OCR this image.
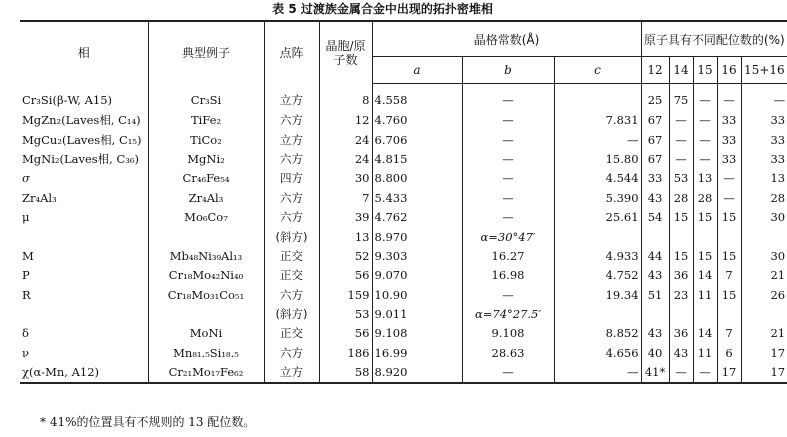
表 5 过渡族金属合金中出现的拓扑密堆相
相	典型例子	点阵	晶胞/原子数	晶格常数(Å)			原子具有不同配位数的(%)				
				a	b	c	12	14	15	16	15+16
Cr₃Si(β-W, A15)	Cr₃Si	立方	8	4.558	—		25	75	—	—	—
MgZn₂(Laves相, C₁₄)	TiFe₂	六方	12	4.760	—	7.831	67	—	—	33	33
MgCu₂(Laves相, C₁₅)	TiCo₂	立方	24	6.706	—	—	67	—	—	33	33
MgNi₂(Laves相, C₃₆)	MgNi₂	六方	24	4.815	—	15.80	67	—	—	33	33
σ	Cr₄₆Fe₅₄	四方	30	8.800	—	4.544	33	53	13	—	13
Zr₄Al₃	Zr₄Al₃	六方	7	5.433	—	5.390	43	28	28	—	28
μ	Mo₆Co₇	六方	39	4.762	—	25.61	54	15	15	15	30
		(斜方)	13	8.970	α=30°47′						
M	Mb₄₈Ni₃₉Al₁₃	正交	52	9.303	16.27	4.933	44	15	15	15	30
P	Cr₁₈Mo₄₂Ni₄₀	正交	56	9.070	16.98	4.752	43	36	14	7	21
R	Cr₁₈Mo₃₁Co₅₁	六方	159	10.90	—	19.34	51	23	11	15	26
		(斜方)	53	9.011	α=74°27.5′						
δ	MoNi	正交	56	9.108	9.108	8.852	43	36	14	7	21
ν	Mn₈₁.₅Si₁₈.₅	六方	186	16.99	28.63	4.656	40	43	11	6	17
χ(α-Mn, A12)	Cr₂₁Mo₁₇Fe₆₂	立方	58	8.920	—	—	41*	—	—	17	17
* 41%的位置具有不规则的 13 配位数。
